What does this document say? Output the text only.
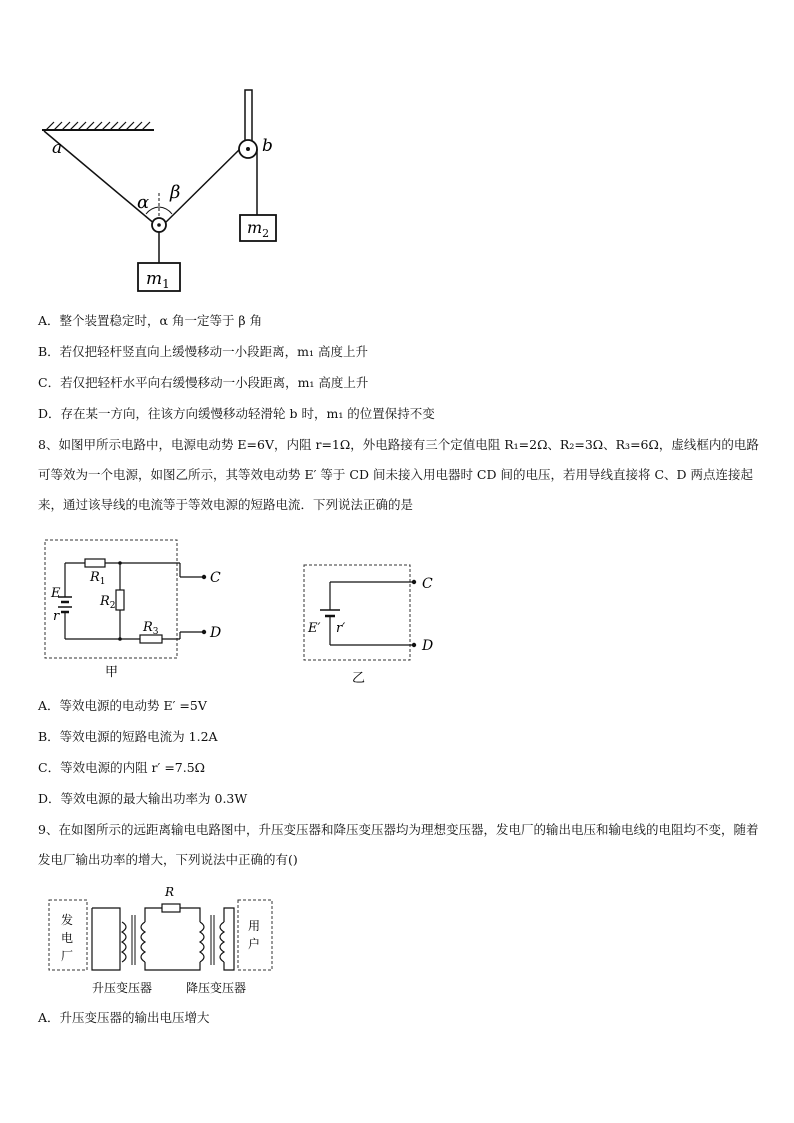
a	b
α β
$m_1$
$m_2$
A．整个装置稳定时，α 角一定等于 β 角
B．若仅把轻杆竖直向上缓慢移动一小段距离，m₁ 高度上升
C．若仅把轻杆水平向右缓慢移动一小段距离，m₁ 高度上升
D．存在某一方向，往该方向缓慢移动轻滑轮 b 时，m₁ 的位置保持不变
8、如图甲所示电路中，电源电动势 E=6V，内阻 r=1Ω，外电路接有三个定值电阻 R₁=2Ω、R₂=3Ω、R₃=6Ω，虚线框内的电路可等效为一个电源，如图乙所示，其等效电动势 E′ 等于 CD 间未接入用电器时 CD 间的电压，若用导线直接将 C、D 两点连接起来，通过该导线的电流等于等效电源的短路电流．下列说法正确的是
E
r
$R_1$
$R_2$
$R_3$
C
D
甲
E′ r′
C
D
乙
A．等效电源的电动势 E′ =5V
B．等效电源的短路电流为 1.2A
C．等效电源的内阻 r′ =7.5Ω
D．等效电源的最大输出功率为 0.3W
9、在如图所示的远距离输电电路图中，升压变压器和降压变压器均为理想变压器，发电厂的输出电压和输电线的电阻均不变，随着发电厂输出功率的增大，下列说法中正确的有()
R
发
电
厂
用
户
升压变压器	降压变压器
A．升压变压器的输出电压增大
